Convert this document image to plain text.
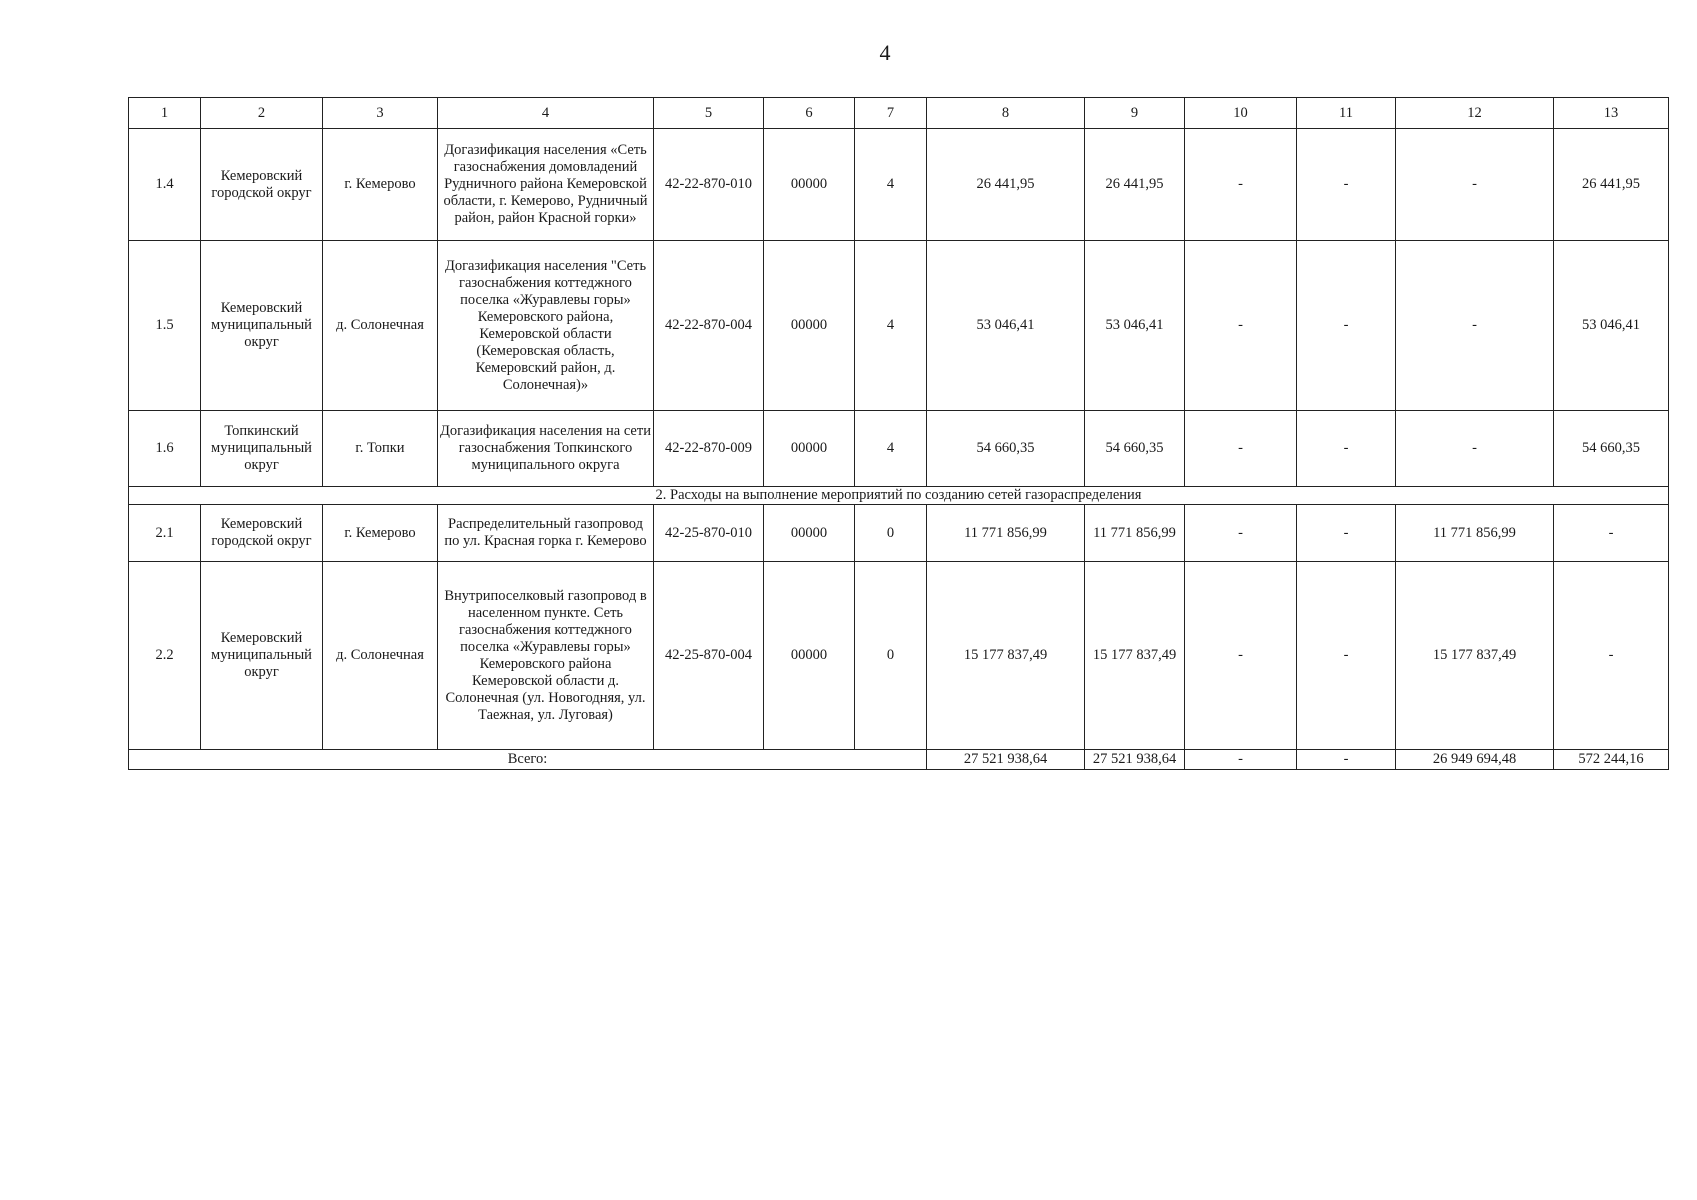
4
1	2	3	4	5	6	7	8	9	10	11	12	13
1.4	Кемеровский городской округ	г. Кемерово	Догазификация населения «Сеть газоснабжения домовладений Рудничного района Кемеровской области, г. Кемерово, Рудничный район, район Красной горки»	42-22-870-010	00000	4	26 441,95	26 441,95	-	-	-	26 441,95
1.5	Кемеровский муниципальный округ	д. Солонечная	Догазификация населения "Сеть газоснабжения коттеджного поселка «Журавлевы горы» Кемеровского района, Кемеровской области (Кемеровская область, Кемеровский район, д. Солонечная)»	42-22-870-004	00000	4	53 046,41	53 046,41	-	-	-	53 046,41
1.6	Топкинский муниципальный округ	г. Топки	Догазификация населения на сети газоснабжения Топкинского муниципального округа	42-22-870-009	00000	4	54 660,35	54 660,35	-	-	-	54 660,35
2. Расходы на выполнение мероприятий по созданию сетей газораспределения												
2.1	Кемеровский городской округ	г. Кемерово	Распределительный газопровод по ул. Красная горка г. Кемерово	42-25-870-010	00000	0	11 771 856,99	11 771 856,99	-	-	11 771 856,99	-
2.2	Кемеровский муниципальный округ	д. Солонечная	Внутрипоселковый газопровод в населенном пункте. Сеть газоснабжения коттеджного поселка «Журавлевы горы» Кемеровского района Кемеровской области д. Солонечная (ул. Новогодняя, ул. Таежная, ул. Луговая)	42-25-870-004	00000	0	15 177 837,49	15 177 837,49	-	-	15 177 837,49	-
Всего:							27 521 938,64	27 521 938,64	-	-	26 949 694,48	572 244,16
